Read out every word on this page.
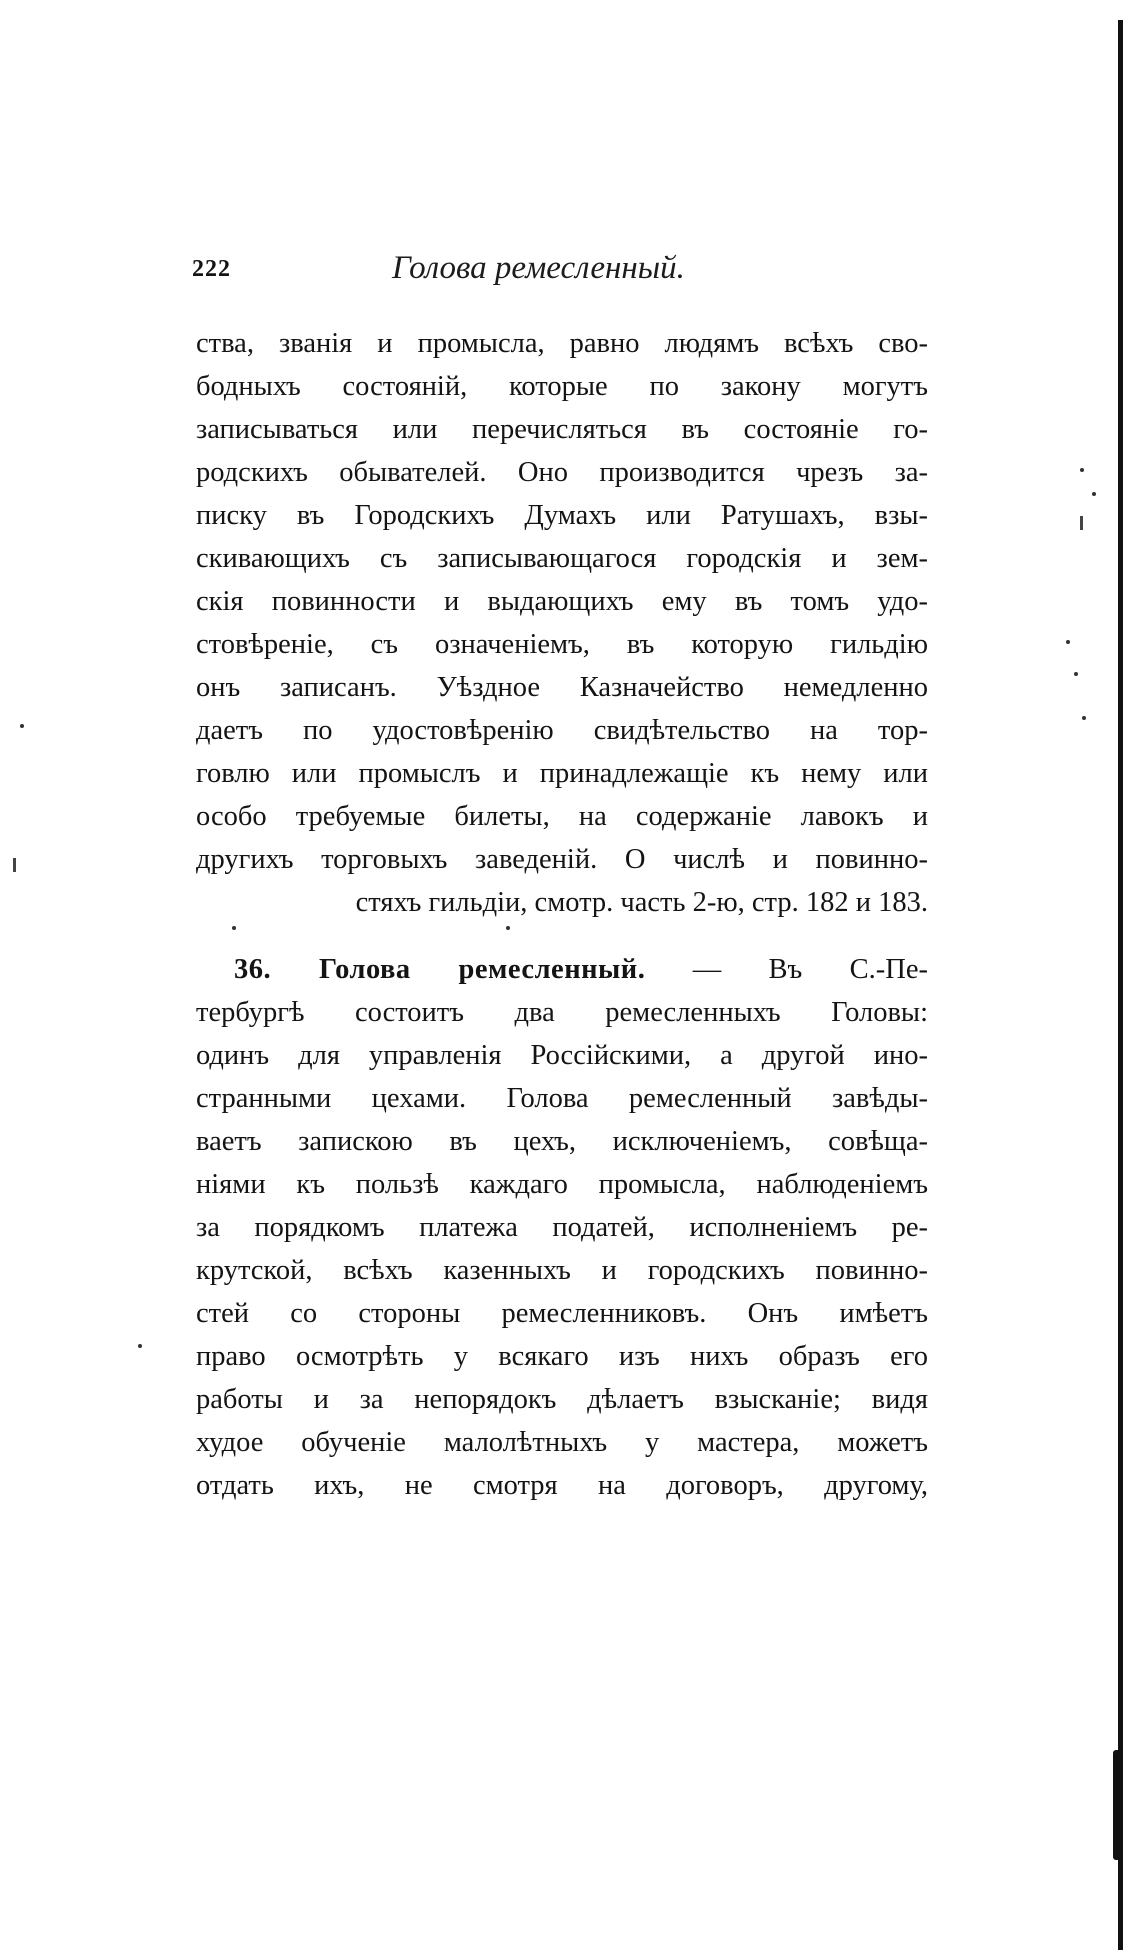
222	Голова ремесленный.
ства, званія и промысла, равно людямъ всѣхъ сво-
бодныхъ состояній, которые по закону могутъ
записываться или перечисляться въ состояніе го-
родскихъ обывателей. Оно производится чрезъ за-
писку въ Городскихъ Думахъ или Ратушахъ, взы-
скивающихъ съ записывающагося городскія и зем-
скія повинности и выдающихъ ему въ томъ удо-
стовѣреніе, съ означеніемъ, въ которую гильдію
онъ записанъ. Уѣздное Казначейство немедленно
даетъ по удостовѣренію свидѣтельство на тор-
говлю или промыслъ и принадлежащіе къ нему или
особо требуемые билеты, на содержаніе лавокъ и
другихъ торговыхъ заведеній. О числѣ и повинно-
стяхъ гильдіи, смотр. часть 2-ю, стр. 182 и 183.
36. Голова ремесленный. — Въ С.-Пе-
тербургѣ состоитъ два ремесленныхъ Головы:
одинъ для управленія Россійскими, а другой ино-
странными цехами. Голова ремесленный завѣды-
ваетъ запискою въ цехъ, исключеніемъ, совѣща-
ніями къ пользѣ каждаго промысла, наблюденіемъ
за порядкомъ платежа податей, исполненіемъ ре-
крутской, всѣхъ казенныхъ и городскихъ повинно-
стей со стороны ремесленниковъ. Онъ имѣетъ
право осмотрѣть у всякаго изъ нихъ образъ его
работы и за непорядокъ дѣлаетъ взысканіе; видя
худое обученіе малолѣтныхъ у мастера, можетъ
отдать ихъ, не смотря на договоръ, другому,
